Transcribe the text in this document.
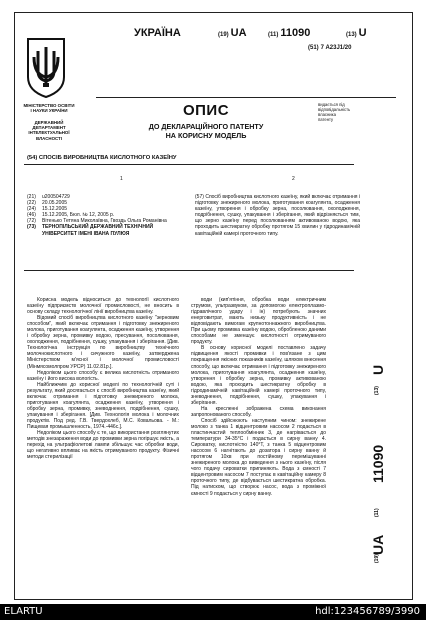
МІНІСТЕРСТВО ОСВІТИ
І НАУКИ УКРАЇНИ
ДЕРЖАВНИЙ ДЕПАРТАМЕНТ
ІНТЕЛЕКТУАЛЬНОЇ
ВЛАСНОСТІ
УКРАЇНА	(19) UA	(11) 11090	(13) U
(51) 7 A23J1/20
ОПИС
ДО ДЕКЛАРАЦІЙНОГО ПАТЕНТУ
НА КОРИСНУ МОДЕЛЬ
видається під
відповідальність
власника
патенту
(54) СПОСІБ ВИРОБНИЦТВА КИСЛОТНОГО КАЗЕЇНУ
1	2
(21)	u200504729
(22)	20.05.2005
(24)	15.12.2005
(46)	15.12.2005, Бюл. № 12, 2005 р.
(72)	Вітенько Тетяна Миколаївна, Гвоздь Ольга Романівна
(73)	ТЕРНОПІЛЬСЬКИЙ ДЕРЖАВНИЙ ТЕХНІЧНИЙ УНІВЕРСИТЕТ ІМЕНІ ІВАНА ПУЛЮЯ
(57) Спосіб виробництва кислотного казеїну, який включає отримання і підготовку знежиреного молока, приготування коагулянта, осадження казеїну, утворення і обробку зерна, посолювання, охолодження, подрібнення, сушку, упакування і зберігання, який відрізняється тим, що зерно казеїну перед посолюванням активованою водою, яка проходить шестикратну обробку протягом 15 хвилин у гідродинамічній кавітаційній камері проточного типу.

Корисна модель відноситься до технології кислотного казеїну підприємств молочної промисловості, не вносить в основу складу технологічної лінії виробництва казеїну.

Відомий спосіб виробництва кислотного казеїну "зерновим способом", який включає отримання і підготовку знежиреного молока, приготування коагулянта, осадження казеїну, утворення і обробку зерна, промивку водою, пресування, посолювання, охолодження, подрібнення, сушку, упакування і зберігання. [Див. Технологічна інструкція по виробництву технічного молочнокислотного і сичужного казеїну, затверджена Міністерством м'ясної і молочної промисловості (Мінмясомолпром УРСР) 11.02.81р.].

Недоліком цього способу є велика кислотність отриманого казеїну і його висока вологість.

Найближчим до корисної моделі по технологічній суті і результату, який досягається є спосіб виробництва казеїну, який включає отримання і підготовку знежиреного молока, приготування коагулянта, осадження казеїну, утворення і обробку зерна, промивку, зневоднення, подрібнення, сушку, упакування і зберігання. [Див. Технологія молока і молочних продуктів. Под ред. Г.В. Твердохлеб, М.С. Ковальова. - М.: Пищевая промышленность, 1974.-446с.].

Недоліком цього способу є те, що використання розглянутих методів знезараження води до промивки зерна погіршує якість, а перехід на ультрафіолетові лампи збільшує час обробки води, що негативно впливає на якість отримуваного продукту. Фізичні методи стерилізації

води (кип'ятіння, обробка води електричним струмом, ультразвуком, за допомогою електроплазмо-гідравлічного удару і ін) потребують значних енерговитрат, мають низьку продуктивність і не відповідають вимогам крупнотоннажного виробництва. При цьому промивка казеїну водою, обробленою даними способами не зменшує кислотності отримуваного продукту.

В основу корисної моделі поставлено задачу підвищення якості промивки і пов'язане з цим покращення якісних показників казеїну, шляхом внесення способу, що включає отримання і підготовку знежиреного молока, приготування коагулянта, осадження казеїну, утворення і обробку зерна, промивку активованою водою, яка проходить шестикратну обробку в гідродинамічній кавітаційній камері проточного типу, зневоднення, подрібнення, сушку, упакування і зберігання.

На кресленні зображена схема виконання запропонованого способу.

Спосіб здійснюють наступним чином: знежирене молоко з танка 1 відцентровим насосом 2 подається в пластинчастий теплообмінник 3, де нагрівається до температури 34-35°С і подається в сирну ванну 4. Сироватку, кислотністю 140°Т, з танка 5 відцентровим насосом 6 нагнітають до дозатора і сирну ванну й протягом 10хв при постійному перемішуванні знежиреного молока до виведення з нього казеїну, після чого подачу сироватки припиняють. Вода з ємності 7 відцентровим насосом 7 поступає в кавітаційну камеру 8 проточного типу, де відбувається шестикратна обробка. Під натиском, що створює насос, вода з проміжної ємності 9 подається у сирну ванну.

(19)
UA
(11)
11090
(13)
U
ELARTU	hdl:123456789/3990
